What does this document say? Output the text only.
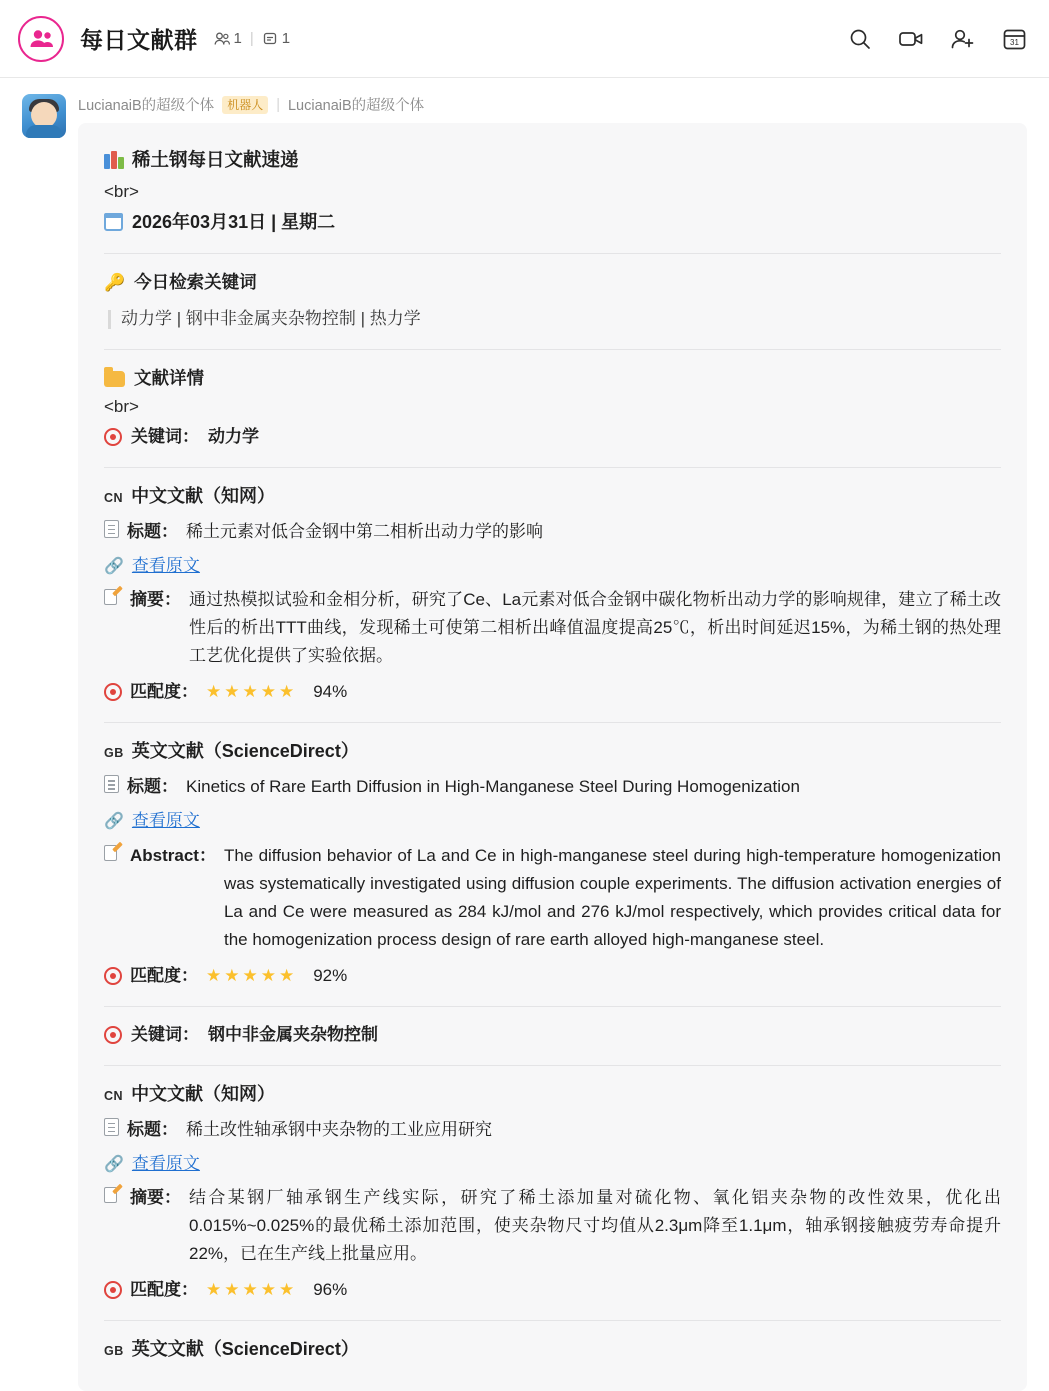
每日文献群 1 | 1	31
LucianaiB的超级个体	机器人 | LucianaiB的超级个体
稀土钢每日文献速递
<br>
2026年03月31日 | 星期二
🔑 今日检索关键词
动力学 | 钢中非金属夹杂物控制 | 热力学
文献详情
<br>
关键词： 动力学
CN 中文文献（知网）
标题： 稀土元素对低合金钢中第二相析出动力学的影响
🔗 查看原文
摘要： 通过热模拟试验和金相分析，研究了Ce、La元素对低合金钢中碳化物析出动力学的影响规律，建立了稀土改性后的析出TTT曲线，发现稀土可使第二相析出峰值温度提高25℃，析出时间延迟15%，为稀土钢的热处理工艺优化提供了实验依据。
匹配度： ★★★★★ 94%
GB 英文文献（ScienceDirect）
标题： Kinetics of Rare Earth Diffusion in High-Manganese Steel During Homogenization
🔗 查看原文
Abstract： The diffusion behavior of La and Ce in high-manganese steel during high-temperature homogenization was systematically investigated using diffusion couple experiments. The diffusion activation energies of La and Ce were measured as 284 kJ/mol and 276 kJ/mol respectively, which provides critical data for the homogenization process design of rare earth alloyed high-manganese steel.
匹配度： ★★★★★ 92%
关键词： 钢中非金属夹杂物控制
CN 中文文献（知网）
标题： 稀土改性轴承钢中夹杂物的工业应用研究
🔗 查看原文
摘要： 结合某钢厂轴承钢生产线实际，研究了稀土添加量对硫化物、氧化铝夹杂物的改性效果，优化出0.015%~0.025%的最优稀土添加范围，使夹杂物尺寸均值从2.3μm降至1.1μm，轴承钢接触疲劳寿命提升22%，已在生产线上批量应用。
匹配度： ★★★★★ 96%
GB 英文文献（ScienceDirect）
